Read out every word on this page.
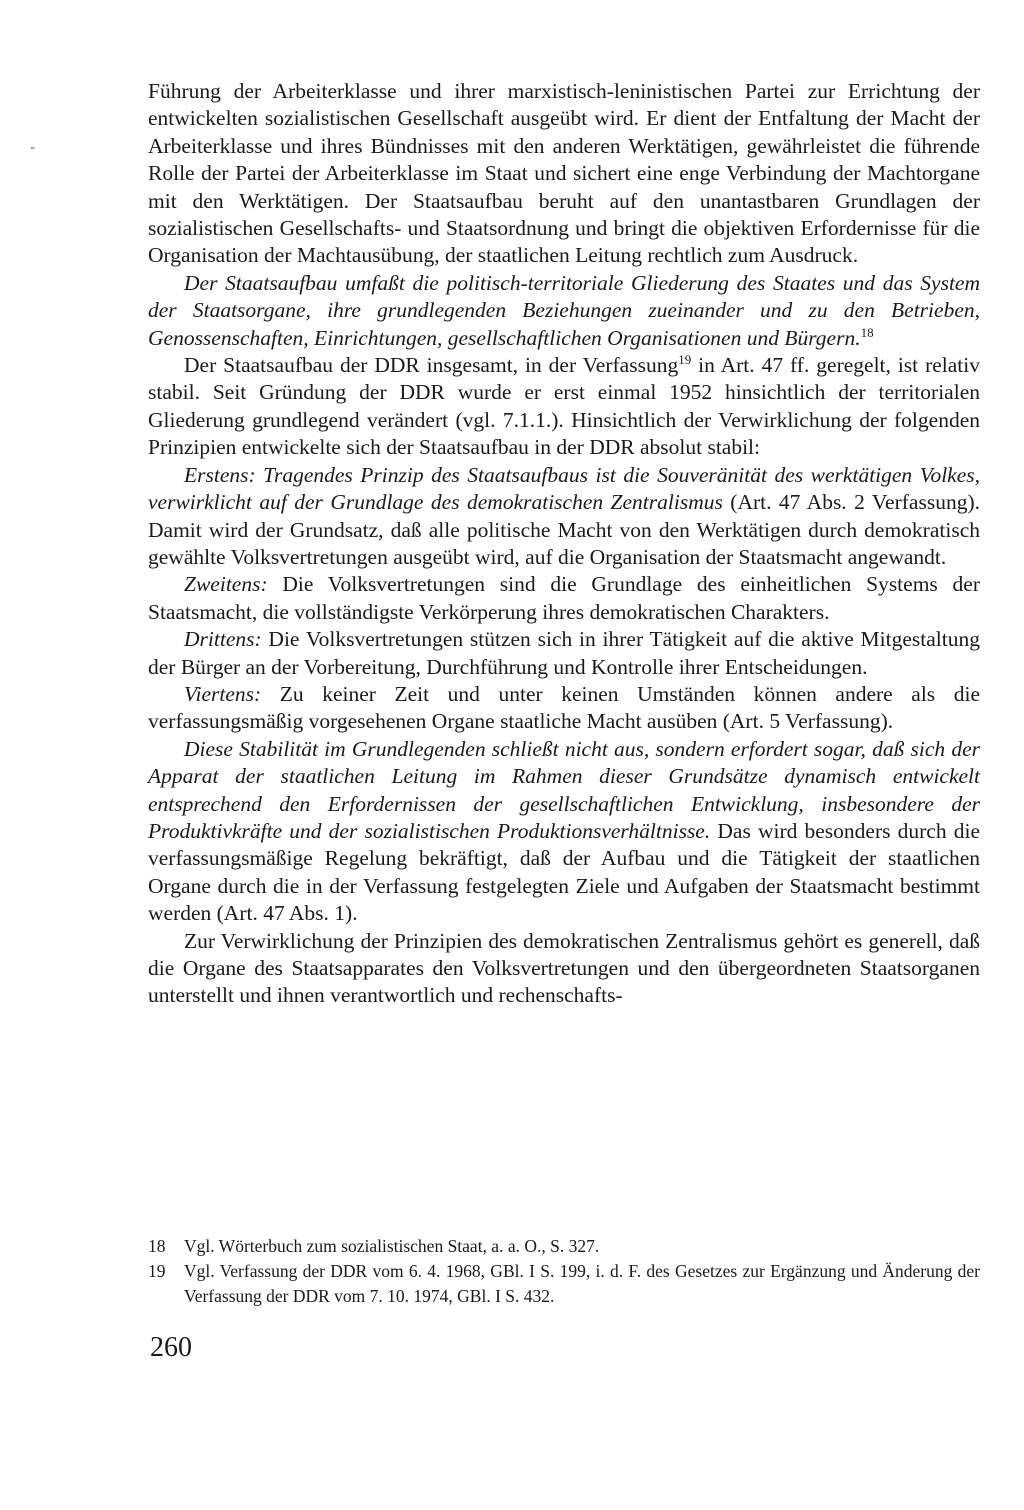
‐

Führung der Arbeiterklasse und ihrer marxistisch-leninistischen Partei zur Errichtung der entwickelten sozialistischen Gesellschaft ausgeübt wird. Er dient der Entfaltung der Macht der Arbeiterklasse und ihres Bündnisses mit den anderen Werktätigen, gewährleistet die führende Rolle der Partei der Arbeiterklasse im Staat und sichert eine enge Verbindung der Machtorgane mit den Werktätigen. Der Staatsaufbau beruht auf den unantastbaren Grundlagen der sozialistischen Gesellschafts- und Staatsordnung und bringt die objektiven Erfordernisse für die Organisation der Machtausübung, der staatlichen Leitung rechtlich zum Ausdruck.

Der Staatsaufbau umfaßt die politisch-territoriale Gliederung des Staates und das System der Staatsorgane, ihre grundlegenden Beziehungen zueinander und zu den Betrieben, Genossenschaften, Einrichtungen, gesellschaftlichen Organisationen und Bürgern.$^{18}$

Der Staatsaufbau der DDR insgesamt, in der Verfassung$^{19}$ in Art. 47 ff. geregelt, ist relativ stabil. Seit Gründung der DDR wurde er erst einmal 1952 hinsichtlich der territorialen Gliederung grundlegend verändert (vgl. 7.1.1.). Hinsichtlich der Verwirklichung der folgenden Prinzipien entwickelte sich der Staatsaufbau in der DDR absolut stabil:

Erstens: Tragendes Prinzip des Staatsaufbaus ist die Souveränität des werktätigen Volkes, verwirklicht auf der Grundlage des demokratischen Zentralismus (Art. 47 Abs. 2 Verfassung). Damit wird der Grundsatz, daß alle politische Macht von den Werktätigen durch demokratisch gewählte Volksvertretungen ausgeübt wird, auf die Organisation der Staatsmacht angewandt.

Zweitens: Die Volksvertretungen sind die Grundlage des einheitlichen Systems der Staatsmacht, die vollständigste Verkörperung ihres demokratischen Charakters.

Drittens: Die Volksvertretungen stützen sich in ihrer Tätigkeit auf die aktive Mitgestaltung der Bürger an der Vorbereitung, Durchführung und Kontrolle ihrer Entscheidungen.

Viertens: Zu keiner Zeit und unter keinen Umständen können andere als die verfassungsmäßig vorgesehenen Organe staatliche Macht ausüben (Art. 5 Verfassung).

Diese Stabilität im Grundlegenden schließt nicht aus, sondern erfordert sogar, daß sich der Apparat der staatlichen Leitung im Rahmen dieser Grundsätze dynamisch entwickelt entsprechend den Erfordernissen der gesellschaftlichen Entwicklung, insbesondere der Produktivkräfte und der sozialistischen Produktionsverhältnisse. Das wird besonders durch die verfassungsmäßige Regelung bekräftigt, daß der Aufbau und die Tätigkeit der staatlichen Organe durch die in der Verfassung festgelegten Ziele und Aufgaben der Staatsmacht bestimmt werden (Art. 47 Abs. 1).

Zur Verwirklichung der Prinzipien des demokratischen Zentralismus gehört es generell, daß die Organe des Staatsapparates den Volksvertretungen und den übergeordneten Staatsorganen unterstellt und ihnen verantwortlich und rechenschafts-

18	Vgl. Wörterbuch zum sozialistischen Staat, a. a. O., S. 327.
19	Vgl. Verfassung der DDR vom 6. 4. 1968, GBl. I S. 199, i. d. F. des Gesetzes zur Ergänzung und Änderung der Verfassung der DDR vom 7. 10. 1974, GBl. I S. 432.
260
